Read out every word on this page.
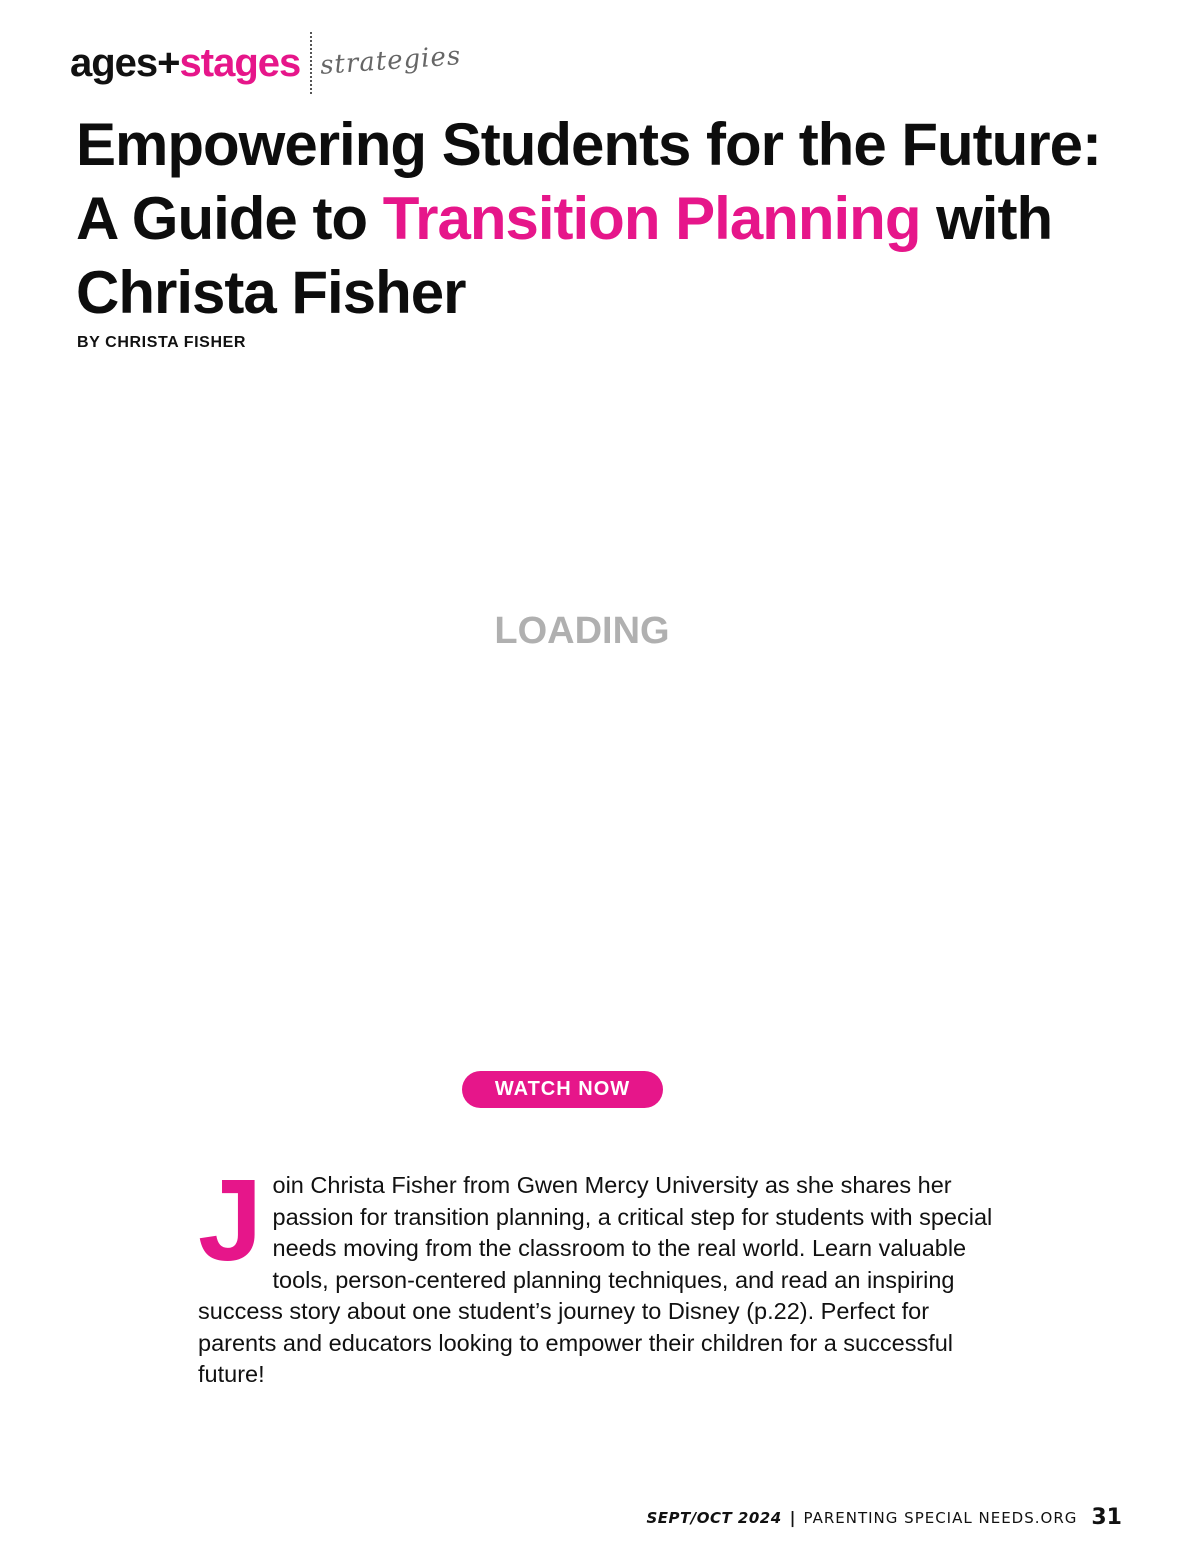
ages+stages strategies
Empowering Students for the Future:
A Guide to Transition Planning with
Christa Fisher
BY CHRISTA FISHER
LOADING
WATCH NOW

Join Christa Fisher from Gwen Mercy University as she shares her passion for transition planning, a critical step for students with special needs moving from the classroom to the real world. Learn valuable tools, person-centered planning techniques, and read an inspiring success story about one student’s journey to Disney (p.22). Perfect for parents and educators looking to empower their children for a successful future!

SEPT/OCT 2024 | PARENTING SPECIAL NEEDS.ORG 31
